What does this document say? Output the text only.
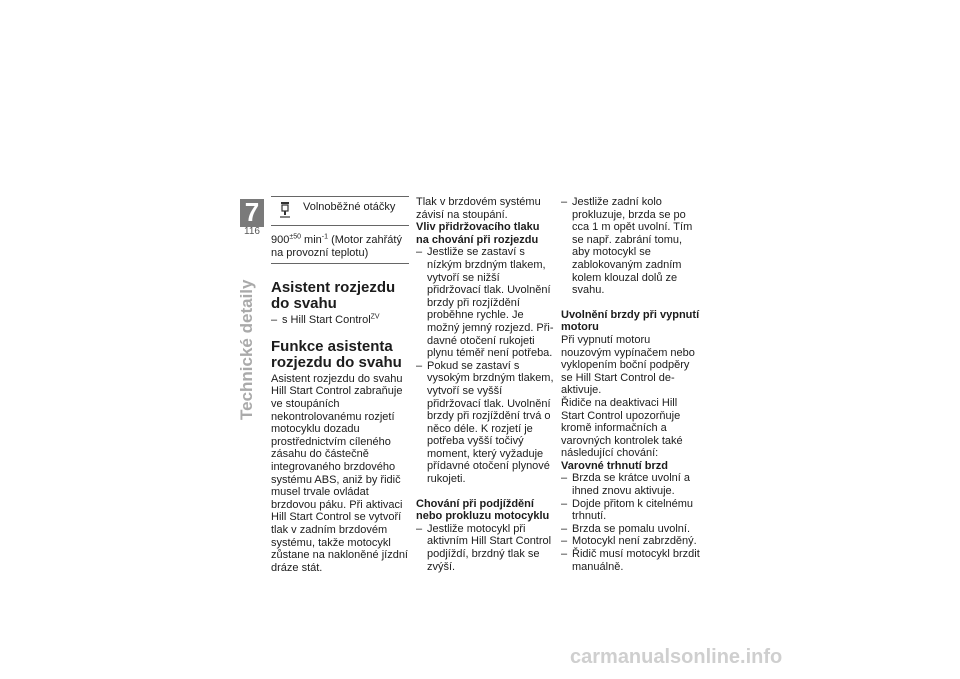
7
116
Technické detaily
Volnoběžné otáčky
$900^{\pm 50}$ $\min^{-1}$ (Motor zahřátý na provozní teplotu)
Asistent rozjezdu do svahu
– s Hill Start Control$^{ZV}$
Funkce asistenta rozjezdu do svahu

Asistent rozjezdu do svahu Hill Start Control zabraňuje ve stoupáních nekontrolovanému rozjetí motocyklu dozadu prostřednictvím cíleného zásahu do částečně integrovaného brzdového systému ABS, aniž by řidič musel trvale ovládat brzdovou páku. Při aktivaci Hill Start Control se vytvoří tlak v zadním brzdovém systému, takže motocykl zůstane na nakloněné jízdní dráze stát.

Tlak v brzdovém systému závisí na stoupání.

Vliv přidržovacího tlaku na chování při rozjezdu
– Jestliže se zastaví s nízkým brzdným tlakem, vytvoří se nižší přidržovací tlak. Uvolnění brzdy při rozjíždění proběhne rychle. Je možný jemný rozjezd. Přidavné otočení rukojeti plynu téměř není potřeba.
– Pokud se zastaví s vysokým brzdným tlakem, vytvoří se vyšší přidržovací tlak. Uvolnění brzdy při rozjíždění trvá o něco déle. K rozjetí je potřeba vyšší točivý moment, který vyžaduje přídavné otočení plynové rukojeti.
Chování při podjíždění nebo prokluzu motocyklu
– Jestliže motocykl při aktivním Hill Start Control podjíždí, brzdný tlak se zvýší.
– Jestliže zadní kolo prokluzuje, brzda se po cca 1 m opět uvolní. Tím se např. zabrání tomu, aby motocykl se zablokovaným zadním kolem klouzal dolů ze svahu.
Uvolnění brzdy při vypnutí motoru

Při vypnutí motoru nouzovým vypínačem nebo vyklopením boční podpěry se Hill Start Control deaktivuje.

Řidiče na deaktivaci Hill Start Control upozorňuje kromě informačních a varovných kontrolek také následující chování:

Varovné trhnutí brzd
– Brzda se krátce uvolní a ihned znovu aktivuje.
– Dojde přitom k citelnému trhnutí.
– Brzda se pomalu uvolní.
– Motocykl není zabrzděný.
– Řidič musí motocykl brzdit manuálně.
carmanualsonline.info
